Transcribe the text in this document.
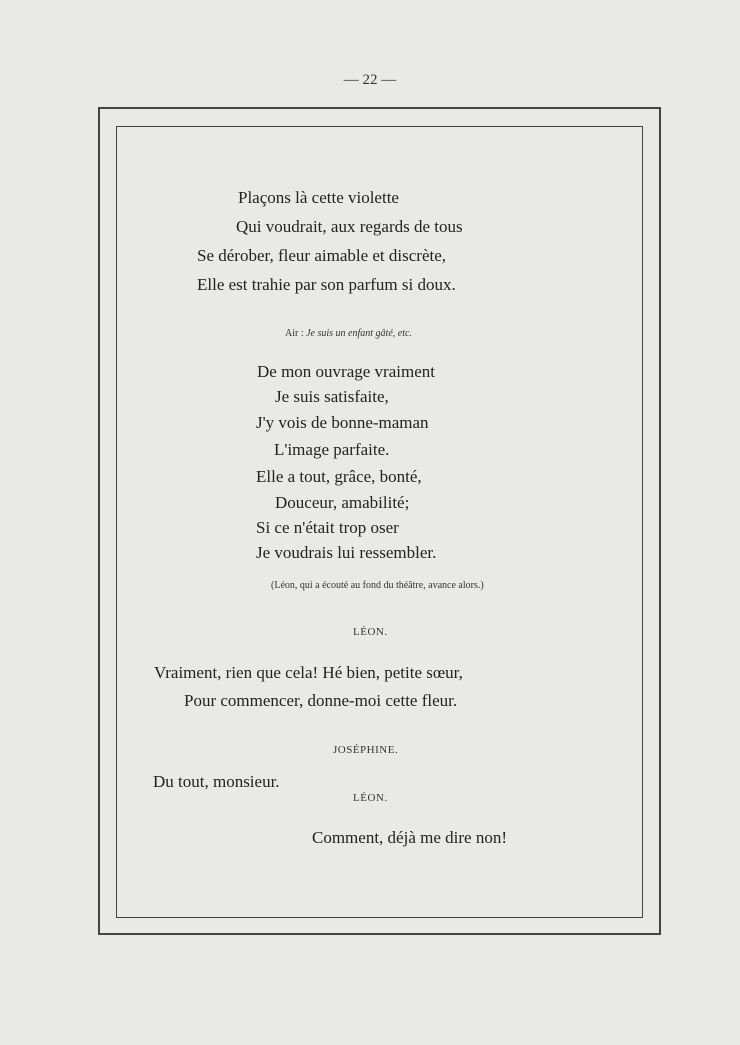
— 22 —
Plaçons là cette violette
Qui voudrait, aux regards de tous
Se dérober, fleur aimable et discrète,
Elle est trahie par son parfum si doux.
Air : Je suis un enfant gâté, etc.
De mon ouvrage vraiment
Je suis satisfaite,
J'y vois de bonne-maman
L'image parfaite.
Elle a tout, grâce, bonté,
Douceur, amabilité;
Si ce n'était trop oser
Je voudrais lui ressembler.
(Léon, qui a écouté au fond du théâtre, avance alors.)
LÉON.
Vraiment, rien que cela! Hé bien, petite sœur,
Pour commencer, donne-moi cette fleur.
JOSÉPHINE.
Du tout, monsieur.
LÉON.
Comment, déjà me dire non!
